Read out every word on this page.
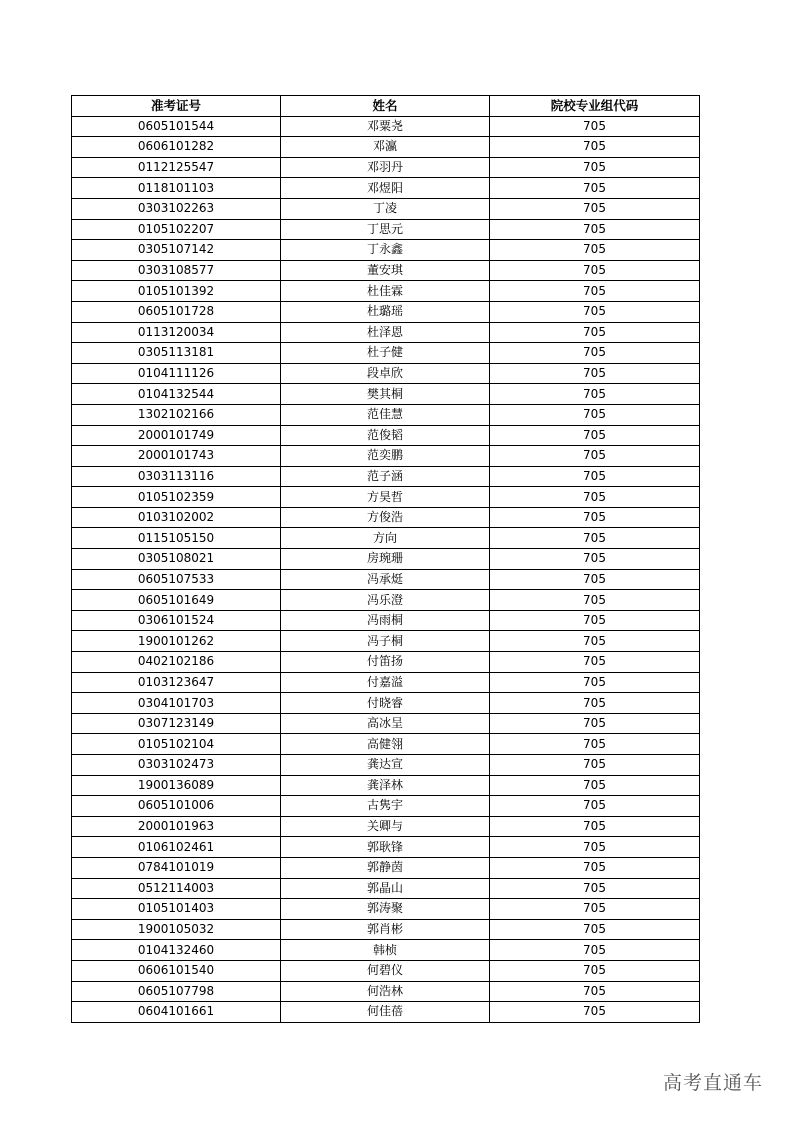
准考证号	姓名	院校专业组代码
0605101544	邓粟尧	705
0606101282	邓瀛	705
0112125547	邓羽丹	705
0118101103	邓煜阳	705
0303102263	丁凌	705
0105102207	丁思元	705
0305107142	丁永鑫	705
0303108577	董安琪	705
0105101392	杜佳霖	705
0605101728	杜璐瑶	705
0113120034	杜泽恩	705
0305113181	杜子健	705
0104111126	段卓欣	705
0104132544	樊其桐	705
1302102166	范佳慧	705
2000101749	范俊韬	705
2000101743	范奕鹏	705
0303113116	范子涵	705
0105102359	方昊哲	705
0103102002	方俊浩	705
0115105150	方向	705
0305108021	房琬珊	705
0605107533	冯承烶	705
0605101649	冯乐澄	705
0306101524	冯雨桐	705
1900101262	冯子桐	705
0402102186	付笛扬	705
0103123647	付嘉溢	705
0304101703	付晓睿	705
0307123149	高冰呈	705
0105102104	高健翎	705
0303102473	龚达宣	705
1900136089	龚泽林	705
0605101006	古隽宇	705
2000101963	关卿与	705
0106102461	郭耿锋	705
0784101019	郭静茵	705
0512114003	郭晶山	705
0105101403	郭涛聚	705
1900105032	郭肖彬	705
0104132460	韩桢	705
0606101540	何碧仪	705
0605107798	何浩林	705
0604101661	何佳蓓	705
高考直通车
